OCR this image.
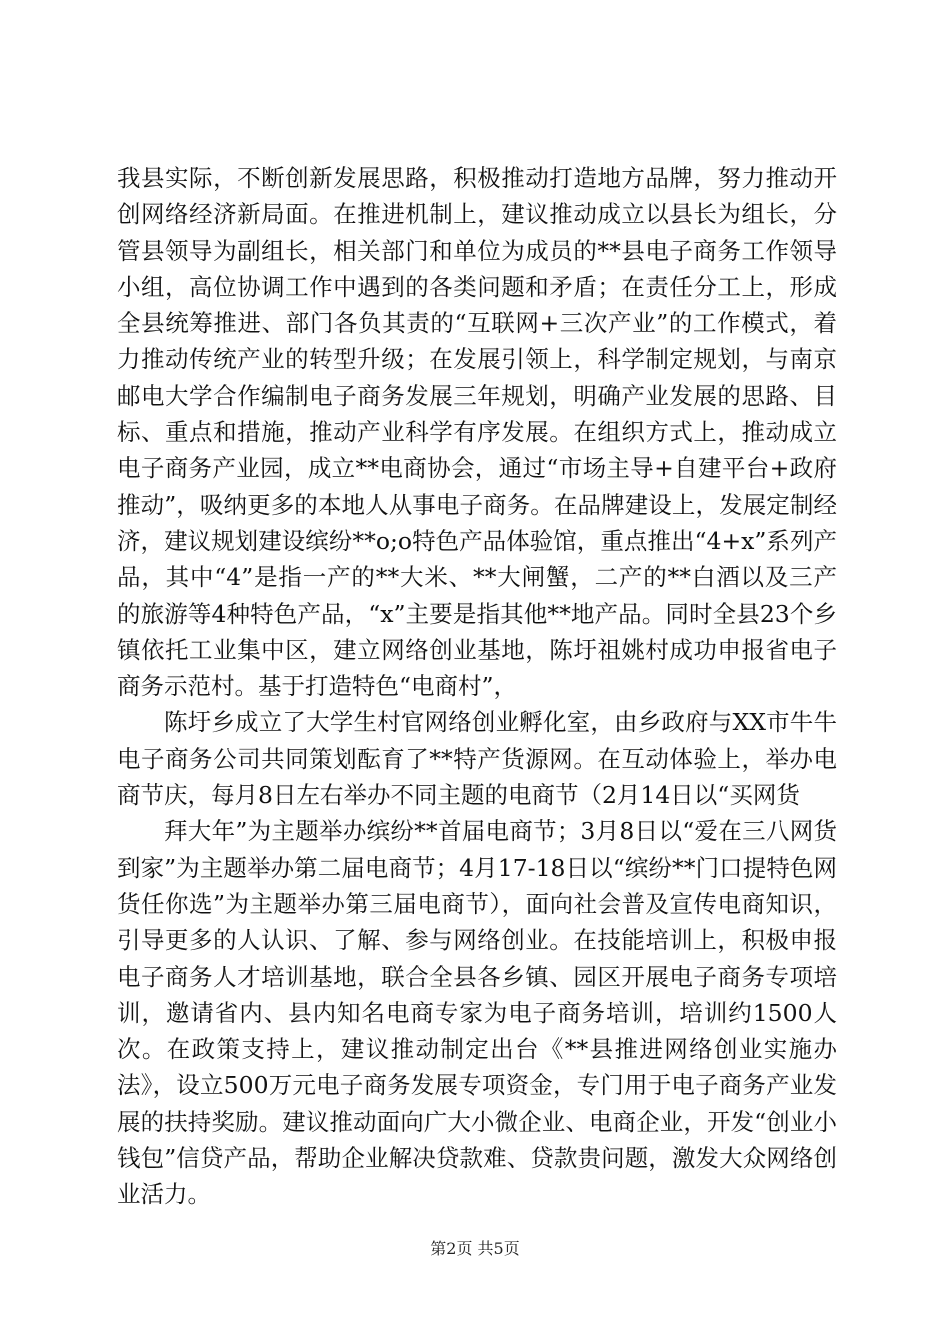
我县实际，不断创新发展思路，积极推动打造地方品牌，努力推动开创网络经济新局面。在推进机制上，建议推动成立以县长为组长，分管县领导为副组长，相关部门和单位为成员的**县电子商务工作领导小组，高位协调工作中遇到的各类问题和矛盾；在责任分工上，形成全县统筹推进、部门各负其责的“互联网+三次产业”的工作模式，着力推动传统产业的转型升级；在发展引领上，科学制定规划，与南京邮电大学合作编制电子商务发展三年规划，明确产业发展的思路、目标、重点和措施，推动产业科学有序发展。在组织方式上，推动成立电子商务产业园，成立**电商协会，通过“市场主导+自建平台+政府推动”，吸纳更多的本地人从事电子商务。在品牌建设上，发展定制经济，建议规划建设缤纷**o;o特色产品体验馆，重点推出“4+x”系列产品，其中“4”是指一产的**大米、**大闸蟹，二产的**白酒以及三产的旅游等4种特色产品，“x”主要是指其他**地产品。同时全县23个乡镇依托工业集中区，建立网络创业基地，陈圩祖姚村成功申报省电子商务示范村。基于打造特色“电商村”，

陈圩乡成立了大学生村官网络创业孵化室，由乡政府与XX市牛牛电子商务公司共同策划酝育了**特产货源网。在互动体验上，举办电商节庆，每月8日左右举办不同主题的电商节（2月14日以“买网货

拜大年”为主题举办缤纷**首届电商节；3月8日以“爱在三八网货到家”为主题举办第二届电商节；4月17-18日以“缤纷**门口提特色网货任你选”为主题举办第三届电商节），面向社会普及宣传电商知识，引导更多的人认识、了解、参与网络创业。在技能培训上，积极申报电子商务人才培训基地，联合全县各乡镇、园区开展电子商务专项培训，邀请省内、县内知名电商专家为电子商务培训，培训约1500人次。在政策支持上，建议推动制定出台《**县推进网络创业实施办法》，设立500万元电子商务发展专项资金，专门用于电子商务产业发展的扶持奖励。建议推动面向广大小微企业、电商企业，开发“创业小钱包”信贷产品，帮助企业解决贷款难、贷款贵问题，激发大众网络创业活力。

第2页 共5页
